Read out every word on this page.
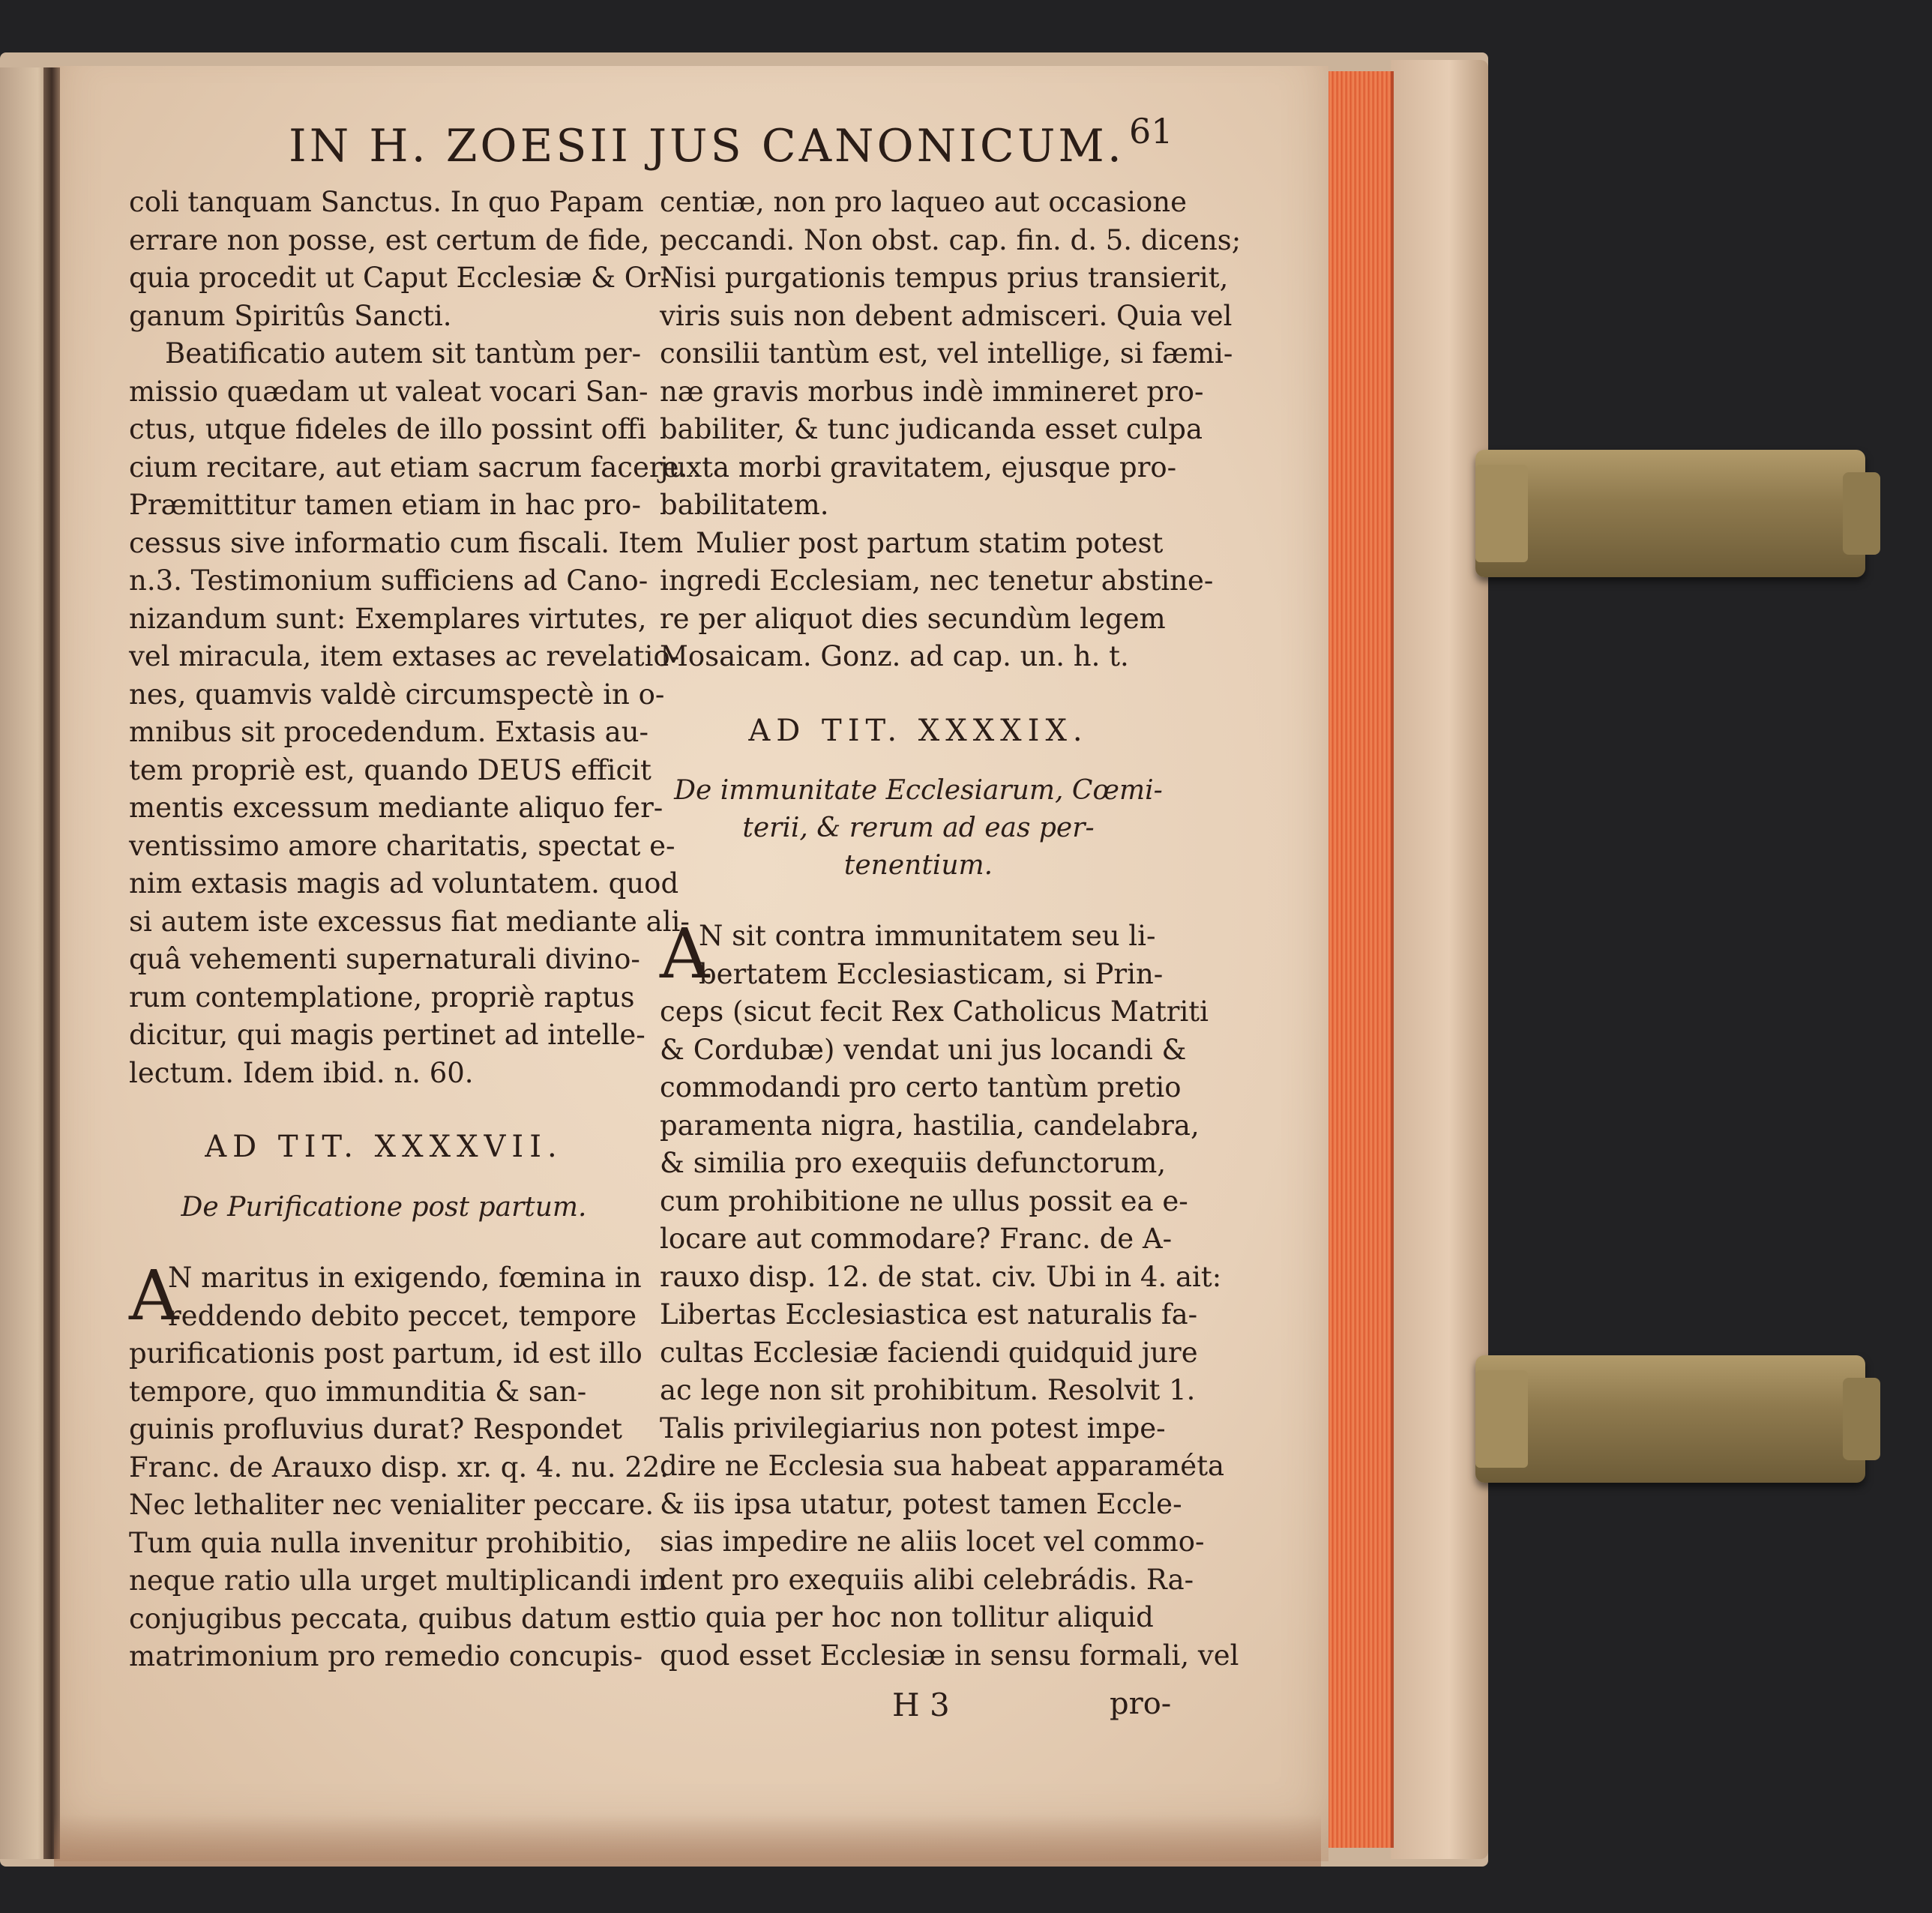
IN H. ZOESII JUS CANONICUM. 61
coli tanquam Sanctus. In quo Papam
errare non posse, est certum de fide,
quia procedit ut Caput Ecclesiæ & Or-
ganum Spiritûs Sancti.
Beatificatio autem sit tantùm per-
missio quædam ut valeat vocari San-
ctus, utque fideles de illo possint offi
cium recitare, aut etiam sacrum facere.
Præmittitur tamen etiam in hac pro-
cessus sive informatio cum fiscali. Item
n.3. Testimonium sufficiens ad Cano-
nizandum sunt: Exemplares virtutes,
vel miracula, item extases ac revelatio-
nes, quamvis valdè circumspectè in o-
mnibus sit procedendum. Extasis au-
tem propriè est, quando DEUS efficit
mentis excessum mediante aliquo fer-
ventissimo amore charitatis, spectat e-
nim extasis magis ad voluntatem. quod
si autem iste excessus fiat mediante ali-
quâ vehementi supernaturali divino-
rum contemplatione, propriè raptus
dicitur, qui magis pertinet ad intelle-
lectum. Idem ibid. n. 60.
AD TIT. XXXXVII.
De Purificatione post partum.
A
N maritus in exigendo, fœmina in
reddendo debito peccet, tempore
purificationis post partum, id est illo
tempore, quo immunditia & san-
guinis profluvius durat? Respondet
Franc. de Arauxo disp. xr. q. 4. nu. 22.
Nec lethaliter nec venialiter peccare.
Tum quia nulla invenitur prohibitio,
neque ratio ulla urget multiplicandi in
conjugibus peccata, quibus datum est
matrimonium pro remedio concupis-
centiæ, non pro laqueo aut occasione
peccandi. Non obst. cap. fin. d. 5. dicens;
Nisi purgationis tempus prius transierit,
viris suis non debent admisceri. Quia vel
consilii tantùm est, vel intellige, si fæmi-
næ gravis morbus indè immineret pro-
babiliter, & tunc judicanda esset culpa
juxta morbi gravitatem, ejusque pro-
babilitatem.
Mulier post partum statim potest
ingredi Ecclesiam, nec tenetur abstine-
re per aliquot dies secundùm legem
Mosaicam. Gonz. ad cap. un. h. t.
AD TIT. XXXXIX.
De immunitate Ecclesiarum, Cœmi-
terii, & rerum ad eas per-
tenentium.
A
N sit contra immunitatem seu li-
bertatem Ecclesiasticam, si Prin-
ceps (sicut fecit Rex Catholicus Matriti
& Cordubæ) vendat uni jus locandi &
commodandi pro certo tantùm pretio
paramenta nigra, hastilia, candelabra,
& similia pro exequiis defunctorum,
cum prohibitione ne ullus possit ea e-
locare aut commodare? Franc. de A-
rauxo disp. 12. de stat. civ. Ubi in 4. ait:
Libertas Ecclesiastica est naturalis fa-
cultas Ecclesiæ faciendi quidquid jure
ac lege non sit prohibitum. Resolvit 1.
Talis privilegiarius non potest impe-
dire ne Ecclesia sua habeat apparaméta
& iis ipsa utatur, potest tamen Eccle-
sias impedire ne aliis locet vel commo-
dent pro exequiis alibi celebrádis. Ra-
tio quia per hoc non tollitur aliquid
quod esset Ecclesiæ in sensu formali, vel
H 3	pro-
